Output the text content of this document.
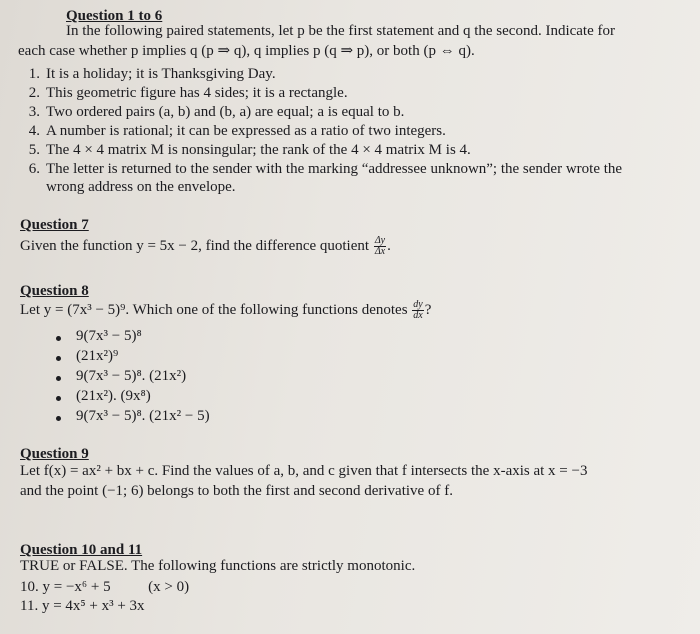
Question 1 to 6
In the following paired statements, let p be the first statement and q the second. Indicate for
each case whether p implies q (p ⇒ q), q implies p (q ⇒ p), or both (p ⇔ q).
1. It is a holiday; it is Thanksgiving Day.
2. This geometric figure has 4 sides; it is a rectangle.
3. Two ordered pairs (a, b) and (b, a) are equal; a is equal to b.
4. A number is rational; it can be expressed as a ratio of two integers.
5. The 4 × 4 matrix M is nonsingular; the rank of the 4 × 4 matrix M is 4.
6. The letter is returned to the sender with the marking “addressee unknown”; the sender wrote the
wrong address on the envelope.
Question 7
Given the function y = 5x − 2, find the difference quotient $\frac{\Delta y}{\Delta x}$ .
Question 8
Let y = (7x³ − 5)⁹. Which one of the following functions denotes $\frac{dy}{dx}$ ?
9(7x³ − 5)⁸
(21x²)⁹
9(7x³ − 5)⁸. (21x²)
(21x²). (9x⁸)
9(7x³ − 5)⁸. (21x² − 5)
Question 9
Let f(x) = ax² + bx + c. Find the values of a, b, and c given that f intersects the x-axis at x = −3
and the point (−1; 6) belongs to both the first and second derivative of f.
Question 10 and 11
TRUE or FALSE. The following functions are strictly monotonic.
10. y = −x⁶ + 5	(x > 0)
11. y = 4x⁵ + x³ + 3x
